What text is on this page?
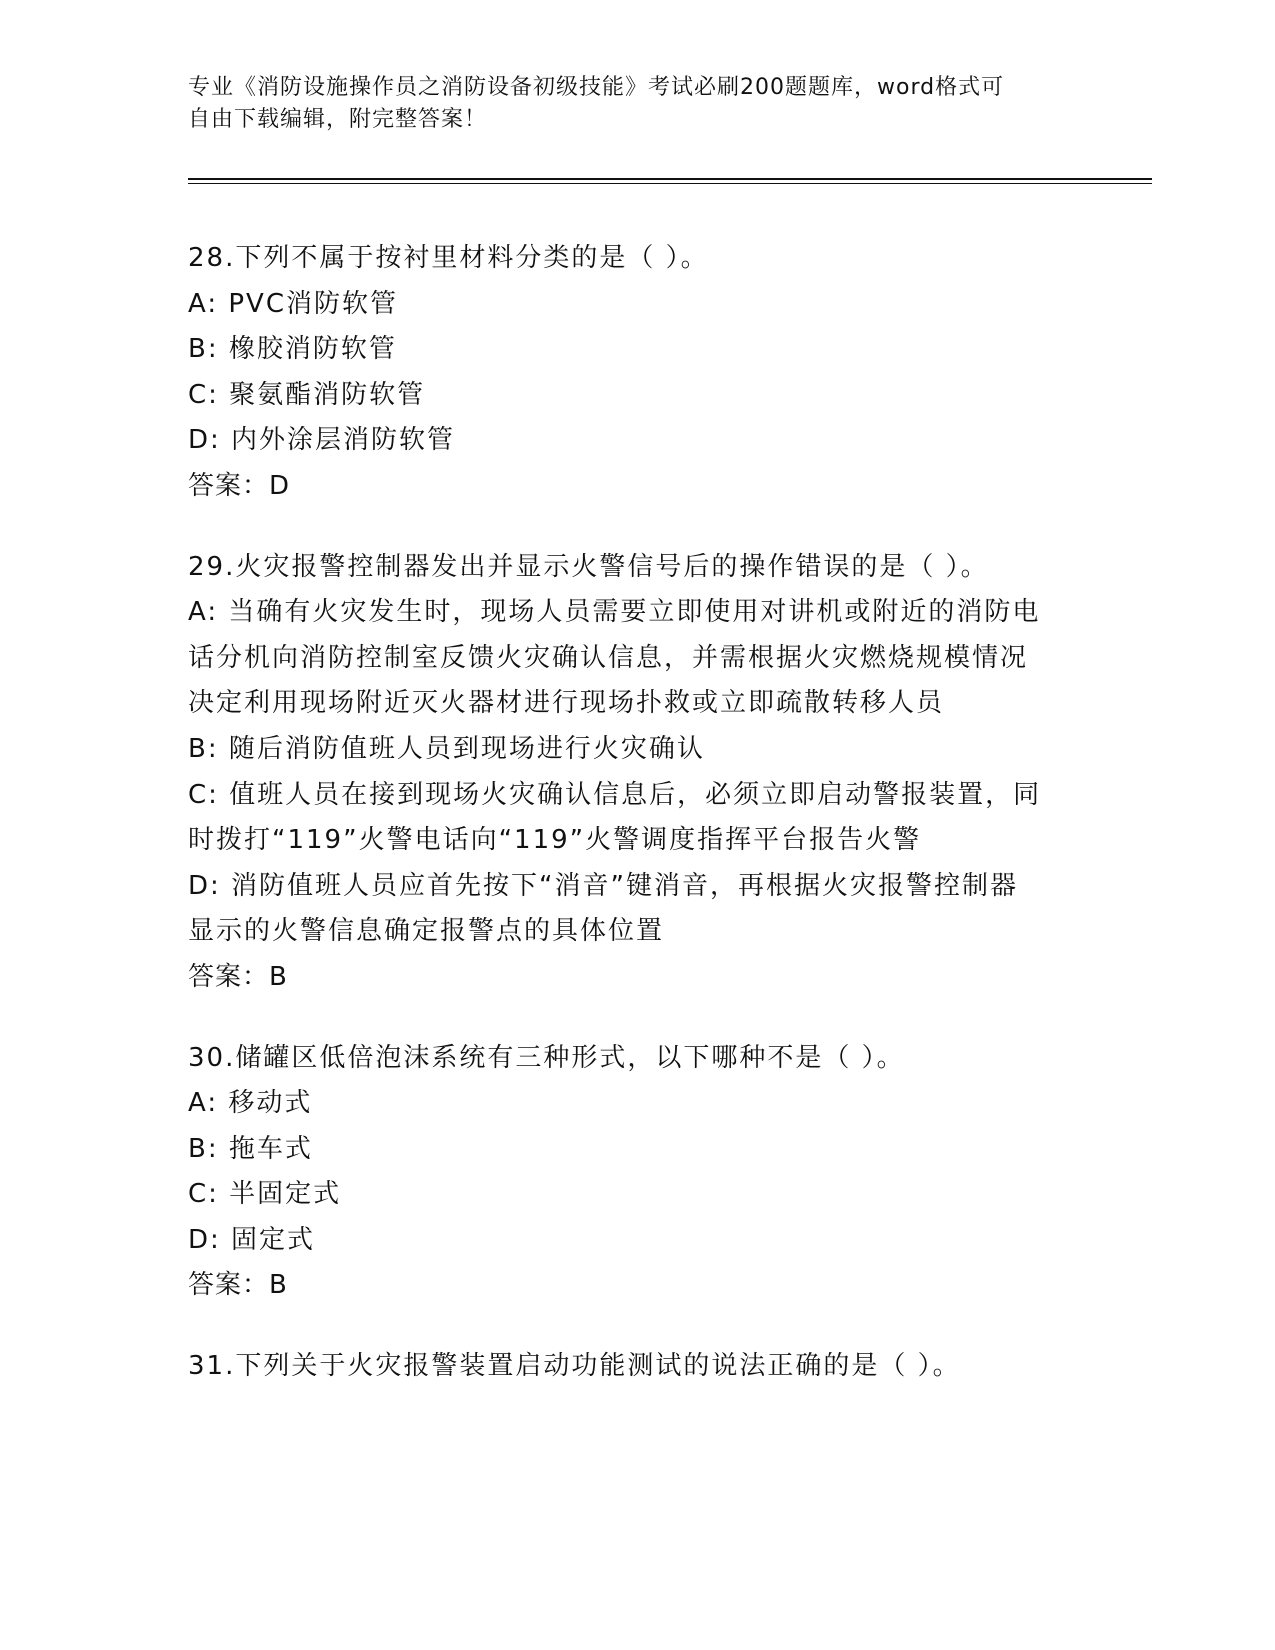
专业《消防设施操作员之消防设备初级技能》考试必刷200题题库，word格式可
自由下载编辑，附完整答案！
28.下列不属于按衬里材料分类的是（ ）。
A: PVC消防软管
B: 橡胶消防软管
C: 聚氨酯消防软管
D: 内外涂层消防软管
答案：D
29.火灾报警控制器发出并显示火警信号后的操作错误的是（ ）。
A: 当确有火灾发生时，现场人员需要立即使用对讲机或附近的消防电
话分机向消防控制室反馈火灾确认信息，并需根据火灾燃烧规模情况
决定利用现场附近灭火器材进行现场扑救或立即疏散转移人员
B: 随后消防值班人员到现场进行火灾确认
C: 值班人员在接到现场火灾确认信息后，必须立即启动警报装置，同
时拨打“119”火警电话向“119”火警调度指挥平台报告火警
D: 消防值班人员应首先按下“消音”键消音，再根据火灾报警控制器
显示的火警信息确定报警点的具体位置
答案：B
30.储罐区低倍泡沫系统有三种形式，以下哪种不是（ ）。
A: 移动式
B: 拖车式
C: 半固定式
D: 固定式
答案：B
31.下列关于火灾报警装置启动功能测试的说法正确的是（ ）。
